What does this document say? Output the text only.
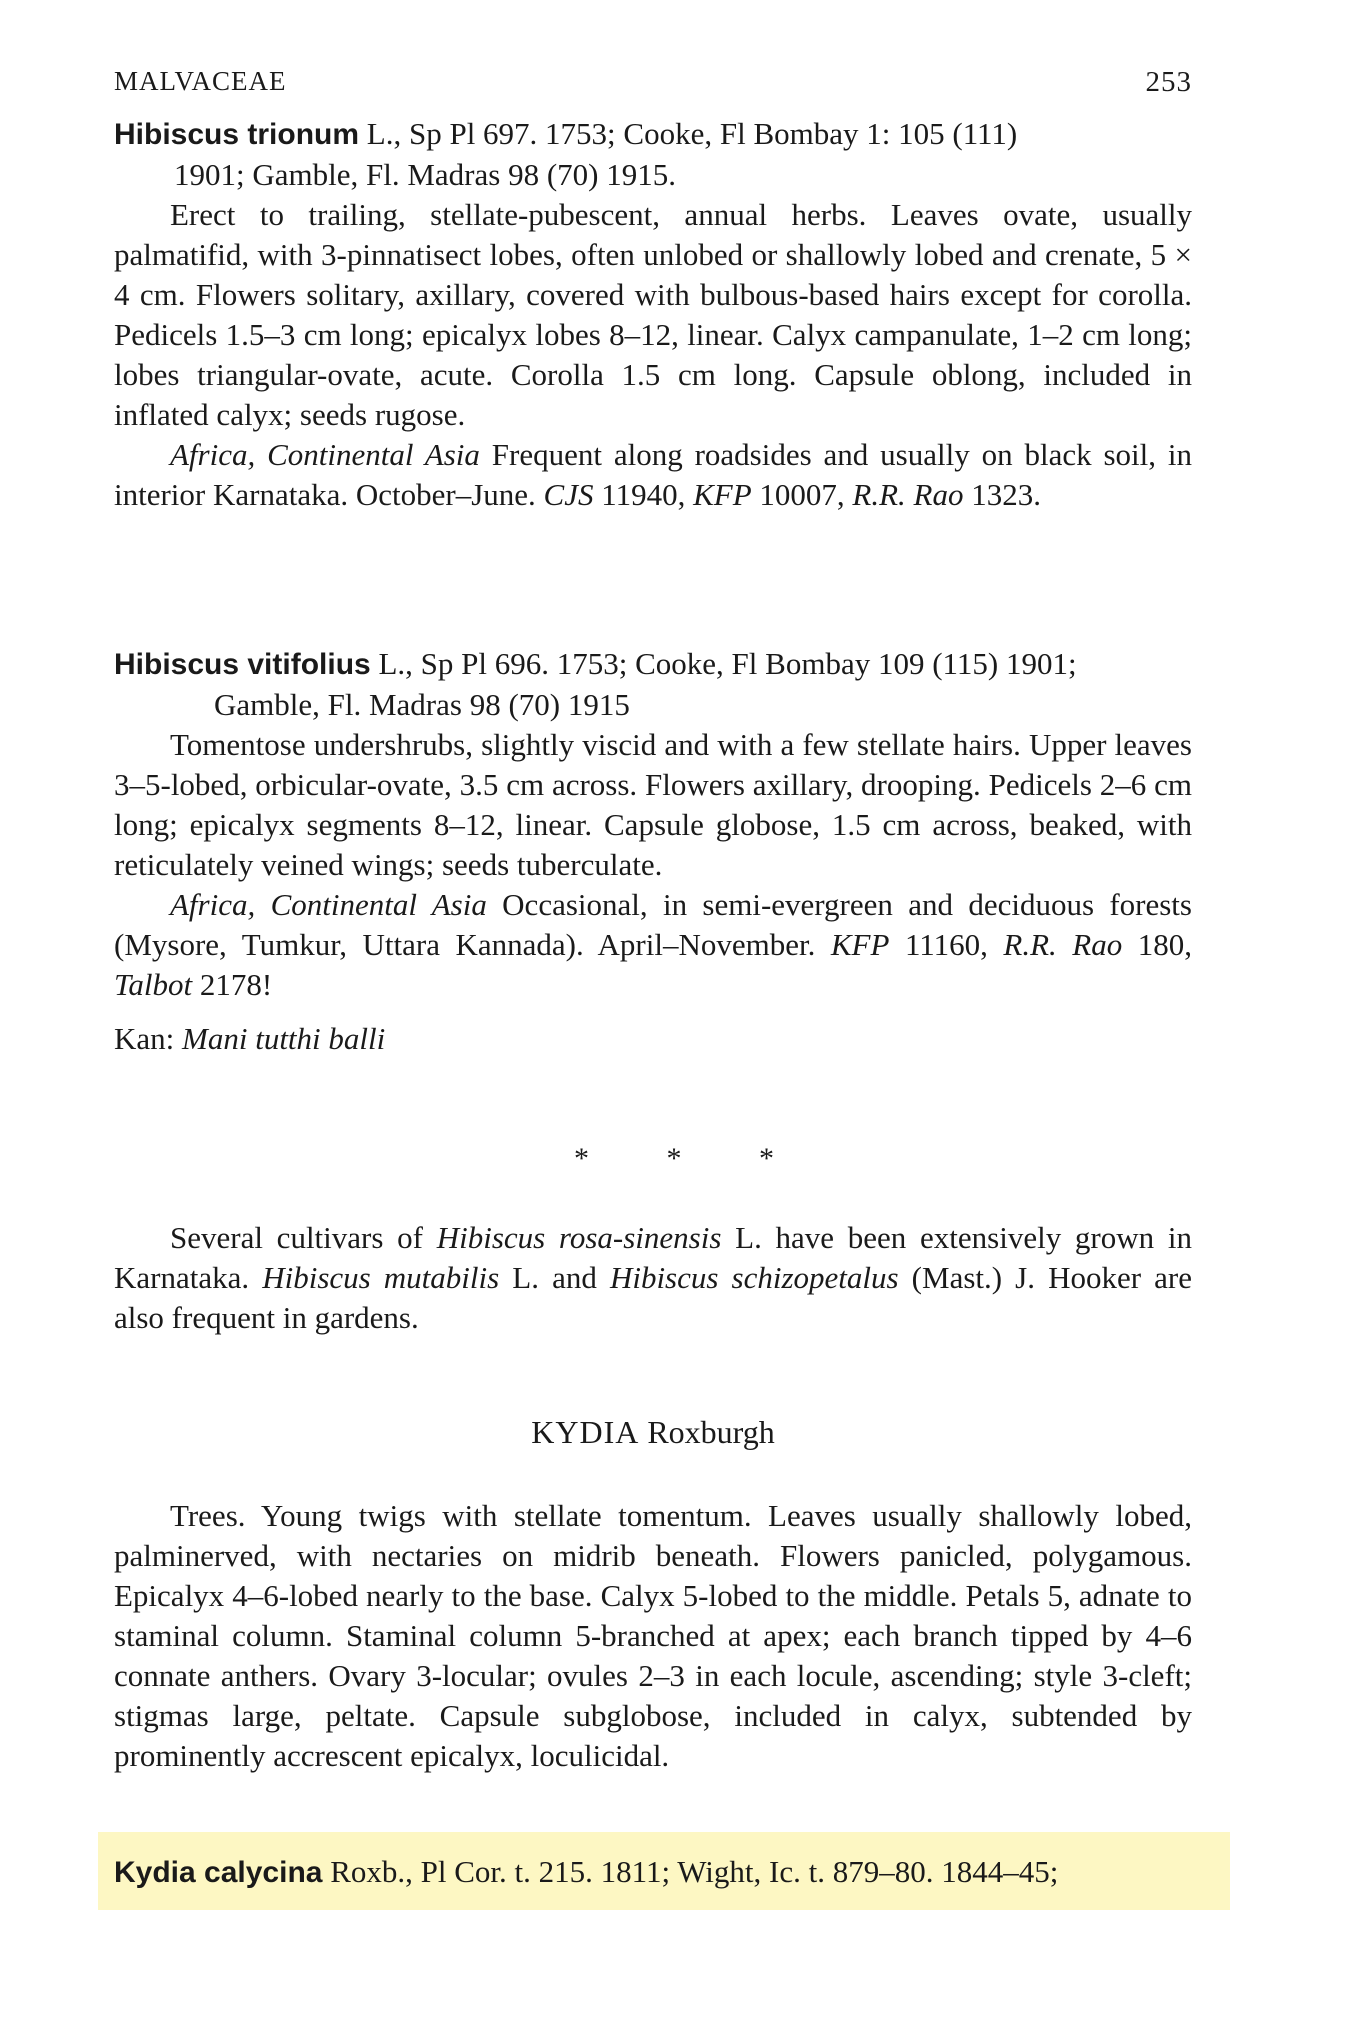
MALVACEAE	253
Hibiscus trionum L., Sp Pl 697. 1753; Cooke, Fl Bombay 1: 105 (111)
1901; Gamble, Fl. Madras 98 (70) 1915.

Erect to trailing, stellate-pubescent, annual herbs. Leaves ovate, usually palmatifid, with 3-pinnatisect lobes, often unlobed or shallowly lobed and crenate, 5 × 4 cm. Flowers solitary, axillary, covered with bulbous-based hairs except for corolla. Pedicels 1.5–3 cm long; epicalyx lobes 8–12, linear. Calyx campanulate, 1–2 cm long; lobes triangular-ovate, acute. Corolla 1.5 cm long. Capsule oblong, included in inflated calyx; seeds rugose.

Africa, Continental Asia Frequent along roadsides and usually on black soil, in interior Karnataka. October–June. CJS 11940, KFP 10007, R.R. Rao 1323.

Hibiscus vitifolius L., Sp Pl 696. 1753; Cooke, Fl Bombay 109 (115) 1901;
Gamble, Fl. Madras 98 (70) 1915

Tomentose undershrubs, slightly viscid and with a few stellate hairs. Upper leaves 3–5-lobed, orbicular-ovate, 3.5 cm across. Flowers axillary, drooping. Pedicels 2–6 cm long; epicalyx segments 8–12, linear. Capsule globose, 1.5 cm across, beaked, with reticulately veined wings; seeds tuberculate.

Africa, Continental Asia Occasional, in semi-evergreen and deciduous forests (Mysore, Tumkur, Uttara Kannada). April–November. KFP 11160, R.R. Rao 180, Talbot 2178!

Kan: Mani tutthi balli

* * *

Several cultivars of Hibiscus rosa-sinensis L. have been extensively grown in Karnataka. Hibiscus mutabilis L. and Hibiscus schizopetalus (Mast.) J. Hooker are also frequent in gardens.

KYDIA Roxburgh

Trees. Young twigs with stellate tomentum. Leaves usually shallowly lobed, palminerved, with nectaries on midrib beneath. Flowers panicled, polygamous. Epicalyx 4–6-lobed nearly to the base. Calyx 5-lobed to the middle. Petals 5, adnate to staminal column. Staminal column 5-branched at apex; each branch tipped by 4–6 connate anthers. Ovary 3-locular; ovules 2–3 in each locule, ascending; style 3-cleft; stigmas large, peltate. Capsule subglobose, included in calyx, subtended by prominently accrescent epicalyx, loculicidal.

Kydia calycina Roxb., Pl Cor. t. 215. 1811; Wight, Ic. t. 879–80. 1844–45;
